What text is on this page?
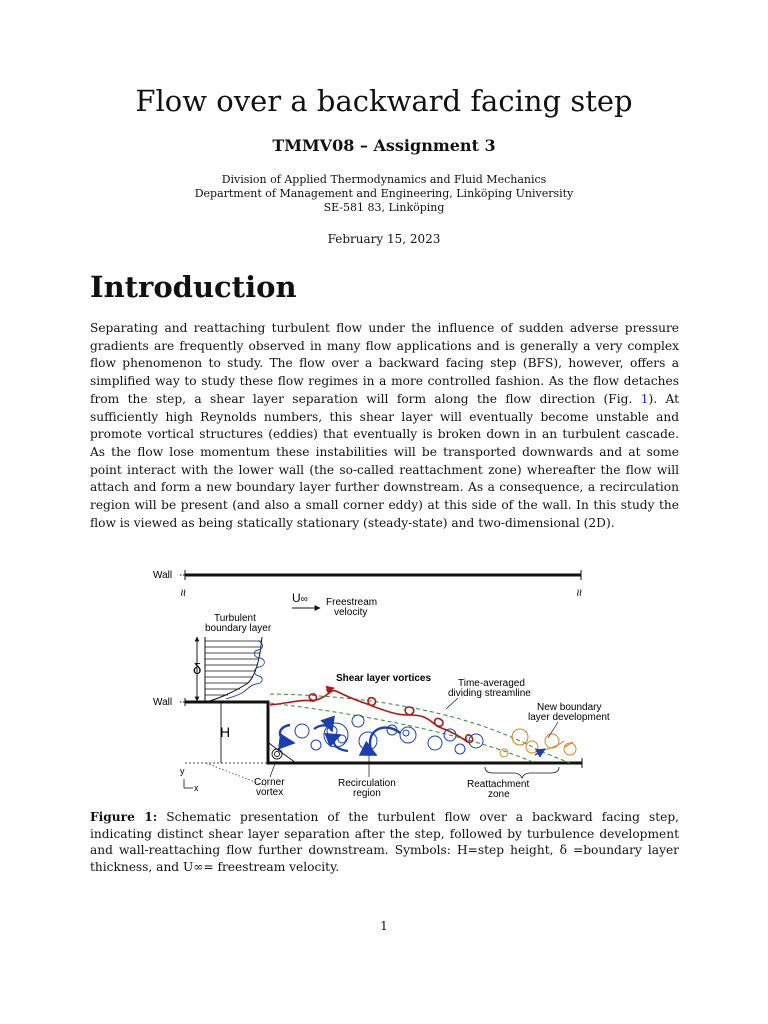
Flow over a backward facing step
TMMV08 – Assignment 3
Division of Applied Thermodynamics and Fluid Mechanics
Department of Management and Engineering, Linköping University
SE-581 83, Linköping
February 15, 2023
Introduction

Separating and reattaching turbulent flow under the influence of sudden adverse pressure gradients are frequently observed in many flow applications and is generally a very complex flow phenomenon to study. The flow over a backward facing step (BFS), however, offers a simplified way to study these flow regimes in a more controlled fashion. As the flow detaches from the step, a shear layer separation will form along the flow direction (Fig. 1). At sufficiently high Reynolds numbers, this shear layer will eventually become unstable and promote vortical structures (eddies) that eventually is broken down in an turbulent cascade. As the flow lose momentum these instabilities will be transported downwards and at some point interact with the lower wall (the so-called reattachment zone) whereafter the flow will attach and form a new boundary layer further downstream. As a consequence, a recirculation region will be present (and also a small corner eddy) at this side of the wall. In this study the flow is viewed as being statically stationary (steady-state) and two-dimensional (2D).

Wall
≈	≈
U∞ Freestream
velocity
Turbulent
boundary layer
δ
Wall
H
Shear layer vortices	Time-averaged
dividing streamline
New boundary
layer development
Corner
vortex
Recirculation
region
Reattachment
zone
y
x

Figure 1: Schematic presentation of the turbulent flow over a backward facing step, indicating distinct shear layer separation after the step, followed by turbulence development and wall-reattaching flow further downstream. Symbols: H=step height, δ =boundary layer thickness, and U∞= freestream velocity.

1
